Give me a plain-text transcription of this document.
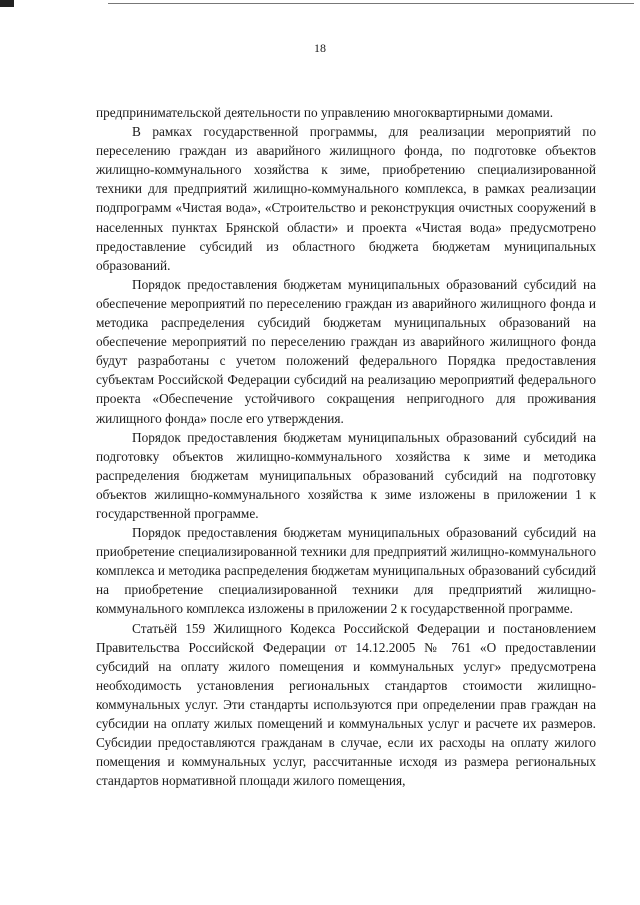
18

предпринимательской деятельности по управлению многоквартирными домами.

В рамках государственной программы, для реализации мероприятий по переселению граждан из аварийного жилищного фонда, по подготовке объектов жилищно-коммунального хозяйства к зиме, приобретению специализированной техники для предприятий жилищно-коммунального комплекса, в рамках реализации подпрограмм «Чистая вода», «Строительство и реконструкция очистных сооружений в населенных пунктах Брянской области» и проекта «Чистая вода» предусмотрено предоставление субсидий из областного бюджета бюджетам муниципальных образований.

Порядок предоставления бюджетам муниципальных образований субсидий на обеспечение мероприятий по переселению граждан из аварийного жилищного фонда и методика распределения субсидий бюджетам муниципальных образований на обеспечение мероприятий по переселению граждан из аварийного жилищного фонда будут разработаны с учетом положений федерального Порядка предоставления субъектам Российской Федерации субсидий на реализацию мероприятий федерального проекта «Обеспечение устойчивого сокращения непригодного для проживания жилищного фонда» после его утверждения.

Порядок предоставления бюджетам муниципальных образований субсидий на подготовку объектов жилищно-коммунального хозяйства к зиме и методика распределения бюджетам муниципальных образований субсидий на подготовку объектов жилищно-коммунального хозяйства к зиме изложены в приложении 1 к государственной программе.

Порядок предоставления бюджетам муниципальных образований субсидий на приобретение специализированной техники для предприятий жилищно-коммунального комплекса и методика распределения бюджетам муниципальных образований субсидий на приобретение специализированной техники для предприятий жилищно-коммунального комплекса изложены в приложении 2 к государственной программе.

Статьёй 159 Жилищного Кодекса Российской Федерации и постановлением Правительства Российской Федерации от 14.12.2005 № 761 «О предоставлении субсидий на оплату жилого помещения и коммунальных услуг» предусмотрена необходимость установления региональных стандартов стоимости жилищно-коммунальных услуг. Эти стандарты используются при определении прав граждан на субсидии на оплату жилых помещений и коммунальных услуг и расчете их размеров. Субсидии предоставляются гражданам в случае, если их расходы на оплату жилого помещения и коммунальных услуг, рассчитанные исходя из размера региональных стандартов нормативной площади жилого помещения,
